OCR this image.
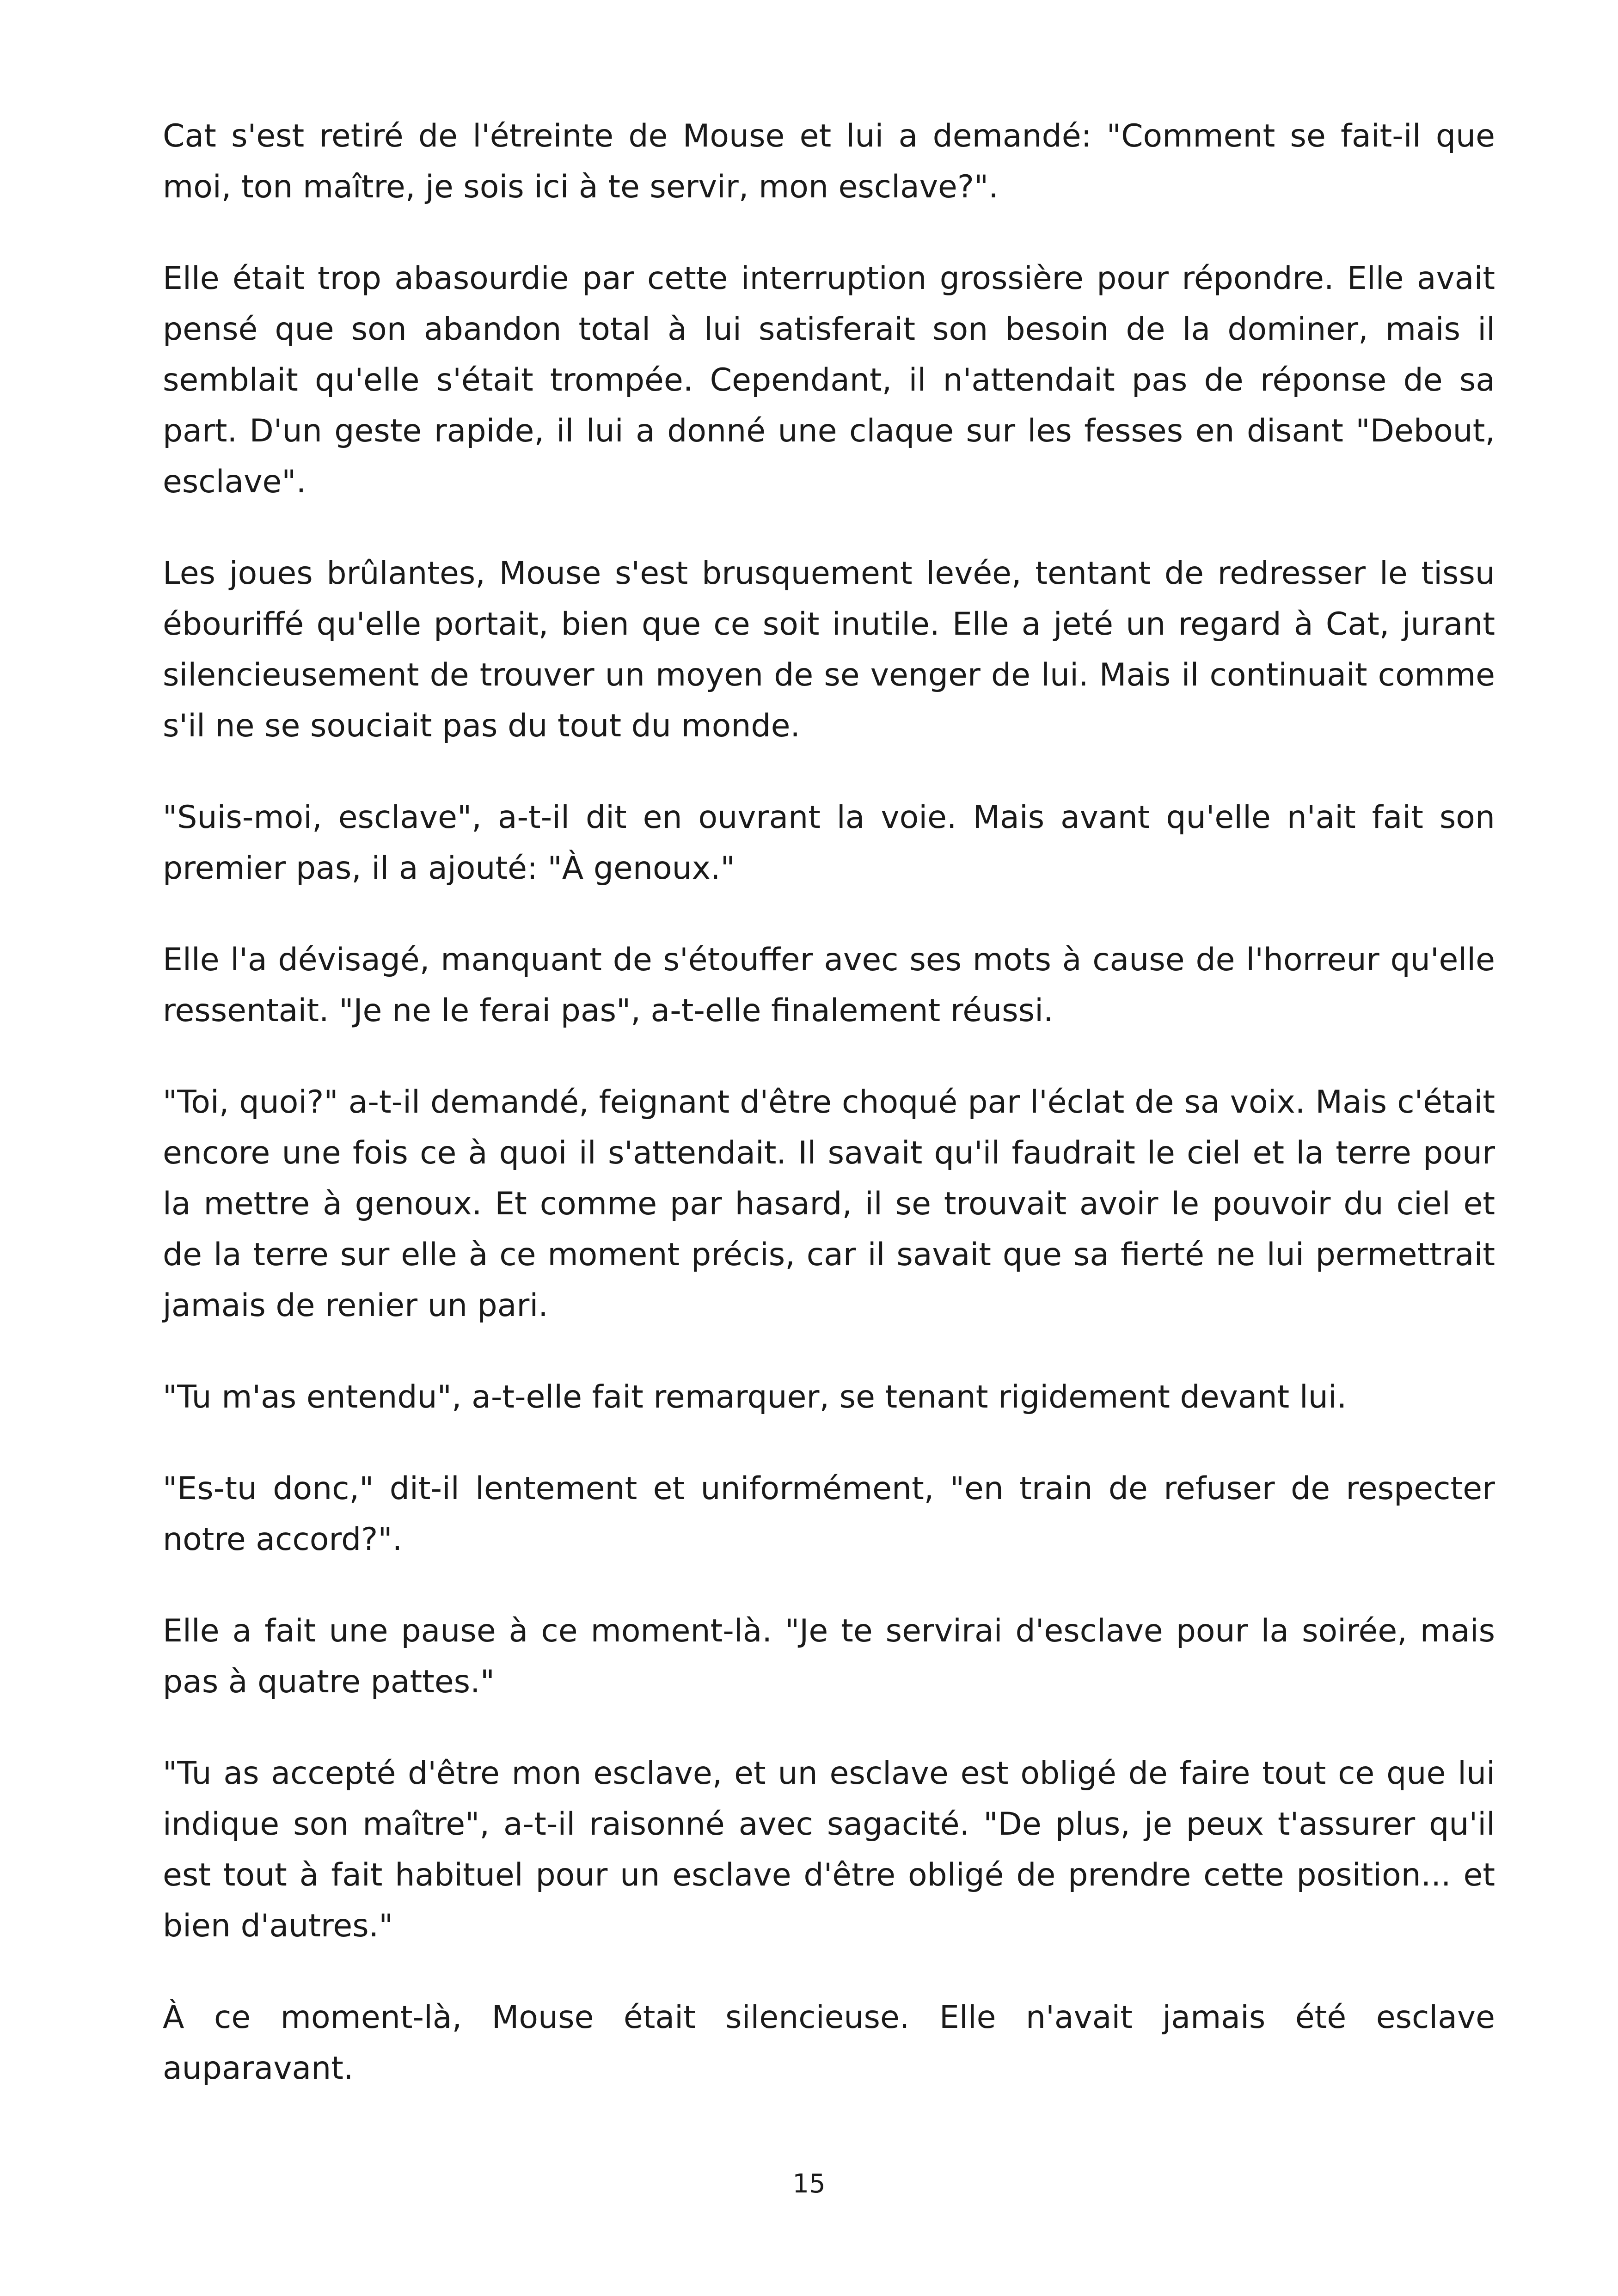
Cat s'est retiré de l'étreinte de Mouse et lui a demandé: "Comment se fait-il que moi, ton maître, je sois ici à te servir, mon esclave?".

Elle était trop abasourdie par cette interruption grossière pour répondre. Elle avait pensé que son abandon total à lui satisferait son besoin de la dominer, mais il semblait qu'elle s'était trompée. Cependant, il n'attendait pas de réponse de sa part. D'un geste rapide, il lui a donné une claque sur les fesses en disant "Debout, esclave".

Les joues brûlantes, Mouse s'est brusquement levée, tentant de redresser le tissu ébouriffé qu'elle portait, bien que ce soit inutile. Elle a jeté un regard à Cat, jurant silencieusement de trouver un moyen de se venger de lui. Mais il continuait comme s'il ne se souciait pas du tout du monde.

"Suis-moi, esclave", a-t-il dit en ouvrant la voie. Mais avant qu'elle n'ait fait son premier pas, il a ajouté: "À genoux."

Elle l'a dévisagé, manquant de s'étouffer avec ses mots à cause de l'horreur qu'elle ressentait. "Je ne le ferai pas", a-t-elle finalement réussi.

"Toi, quoi?" a-t-il demandé, feignant d'être choqué par l'éclat de sa voix. Mais c'était encore une fois ce à quoi il s'attendait. Il savait qu'il faudrait le ciel et la terre pour la mettre à genoux. Et comme par hasard, il se trouvait avoir le pouvoir du ciel et de la terre sur elle à ce moment précis, car il savait que sa fierté ne lui permettrait jamais de renier un pari.

"Tu m'as entendu", a-t-elle fait remarquer, se tenant rigidement devant lui.

"Es-tu donc," dit-il lentement et uniformément, "en train de refuser de respecter notre accord?".

Elle a fait une pause à ce moment-là. "Je te servirai d'esclave pour la soirée, mais pas à quatre pattes."

"Tu as accepté d'être mon esclave, et un esclave est obligé de faire tout ce que lui indique son maître", a-t-il raisonné avec sagacité. "De plus, je peux t'assurer qu'il est tout à fait habituel pour un esclave d'être obligé de prendre cette position... et bien d'autres."

À ce moment-là, Mouse était silencieuse. Elle n'avait jamais été esclave auparavant.

15
